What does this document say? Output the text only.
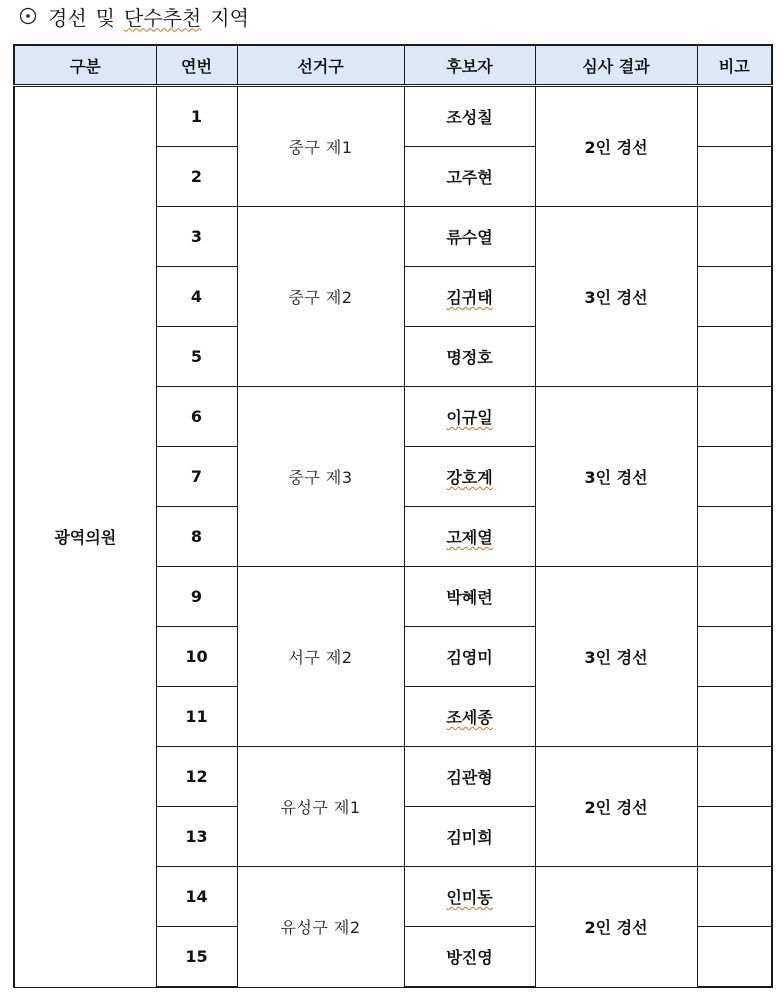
경선 및 단수추천 지역
구분	연번	선거구	후보자	심사 결과	비고
광역의원	1	중구 제1	조성칠	2인 경선	
	2		고주현		
	3	중구 제2	류수열	3인 경선	
	4		김귀태		
	5		명정호		
	6	중구 제3	이규일	3인 경선	
	7		강호계		
	8		고제열		
	9	서구 제2	박혜련	3인 경선	
	10		김영미		
	11		조세종		
	12	유성구 제1	김관형	2인 경선	
	13		김미희		
	14	유성구 제2	인미동	2인 경선	
	15		방진영		
